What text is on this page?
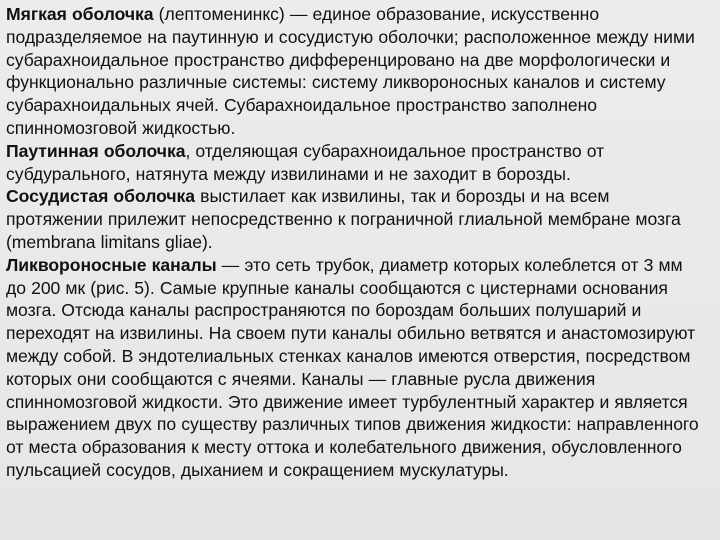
Мягкая оболочка (лептоменинкс) — единое образование, искусственно подразделяемое на паутинную и сосудистую оболочки; расположенное между ними субарахноидальное пространство дифференцировано на две морфологически и функционально различные системы: систему ликвороносных каналов и систему субарахноидальных ячей. Субарахноидальное пространство заполнено спинномозговой жидкостью.

Паутинная оболочка, отделяющая субарахноидальное пространство от субдурального, натянута между извилинами и не заходит в борозды.

Сосудистая оболочка выстилает как извилины, так и борозды и на всем протяжении прилежит непосредственно к пограничной глиальной мембране мозга (membrana limitans gliae).

Ликвороносные каналы — это сеть трубок, диаметр которых колеблется от 3 мм до 200 мк (рис. 5). Самые крупные каналы сообщаются с цистернами основания мозга. Отсюда каналы распространяются по бороздам больших полушарий и переходят на извилины. На своем пути каналы обильно ветвятся и анастомозируют между собой. В эндотелиальных стенках каналов имеются отверстия, посредством которых они сообщаются с ячеями. Каналы — главные русла движения спинномозговой жидкости. Это движение имеет турбулентный характер и является выражением двух по существу различных типов движения жидкости: направленного от места образования к месту оттока и колебательного движения, обусловленного пульсацией сосудов, дыханием и сокращением мускулатуры.
